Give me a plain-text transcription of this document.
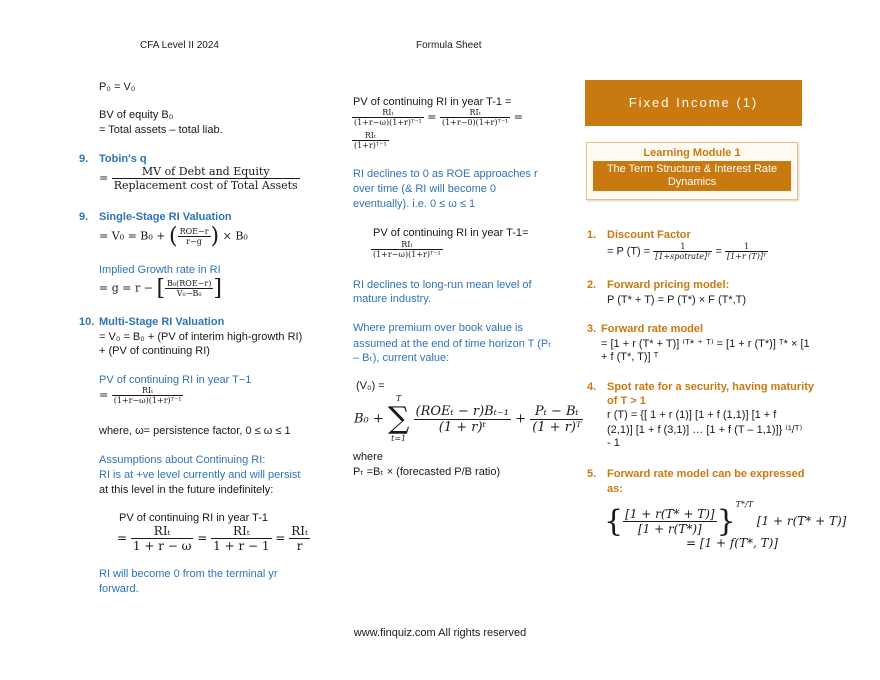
CFA Level II 2024	Formula Sheet
P₀ = V₀
BV of equity B₀
= Total assets – total liab.
9. Tobin's q
=	MV of Debt and Equity
Replacement cost of Total Assets
9. Single-Stage RI Valuation
= V₀ = B₀ + ( ROE−r
r−g ) × B₀
Implied Growth rate in RI
= g = r − [ B₀(ROE−r)
V₀−B₀ ]
10. Multi-Stage RI Valuation
= V₀ = B₀ + (PV of interim high-growth RI)
+ (PV of continuing RI)
PV of continuing RI in year T−1
=	RIₜ
(1+r−ω)(1+r)ᵀ⁻¹
where, ω= persistence factor, 0 ≤ ω ≤ 1
Assumptions about Continuing RI:
RI is at +ve level currently and will persist
at this level in the future indefinitely:
PV of continuing RI in year T-1
=	RIₜ
1 + r − ω
=	RIₜ
1 + r − 1
= RIₜ
r
RI will become 0 from the terminal yr
forward.
PV of continuing RI in year T-1 =
RIₜ
(1+r−ω)(1+r)ᵀ⁻¹ =	RIₜ
(1+r−0)(1+r)ᵀ⁻¹ =
RIₜ
(1+r)ᵀ⁻¹
RI declines to 0 as ROE approaches r
over time (& RI will become 0
eventually). i.e. 0 ≤ ω ≤ 1
PV of continuing RI in year T-1=
RIₜ
(1+r−ω)(1+r)ᵀ⁻¹
RI declines to long-run mean level of
mature industry.
Where premium over book value is
assumed at the end of time horizon T (Pₜ
– Bₜ), current value:
(V₀) =
B₀ +
T
∑
t=1

(ROEₜ − r)Bₜ₋₁
(1 + r)ᵗ
+ $\frac{\text{Pₜ − Bₜ}}{\text{(1 + r)ᵀ}}$
where
Pₜ =Bₜ × (forecasted P/B ratio)
Fixed Income (1)
Learning Module 1
The Term Structure & Interest Rate
Dynamics
1. Discount Factor
= P (T) =	1
[1+spotrate]ᵀ = $\frac{1}{\text{[1+r (T)]ᵀ}}$
2. Forward pricing model:
P (T* + T) = P (T*) × F (T*,T)
3. Forward rate model
= [1 + r (T* + T)] ⁽ᵀ* ⁺ ᵀ⁾ = [1 + r (T*)] ᵀ* × [1
+ f (T*, T)] ᵀ
4. Spot rate for a security, having maturity
of T > 1
r (T) = {[ 1 + r (1)] [1 + f (1,1)] [1 + f
(2,1)] [1 + f (3,1)] … [1 + f (T – 1,1)]} ⁽¹/ᵀ⁾
- 1
5. Forward rate model can be expressed
as:
{ $\frac{[1 + r(T* + T)]}{[1 + r(T*)]} \}^{T*/T}$ [1 + r(T* + T)]
= [1 + f(T*, T)]
www.finquiz.com All rights reserved
